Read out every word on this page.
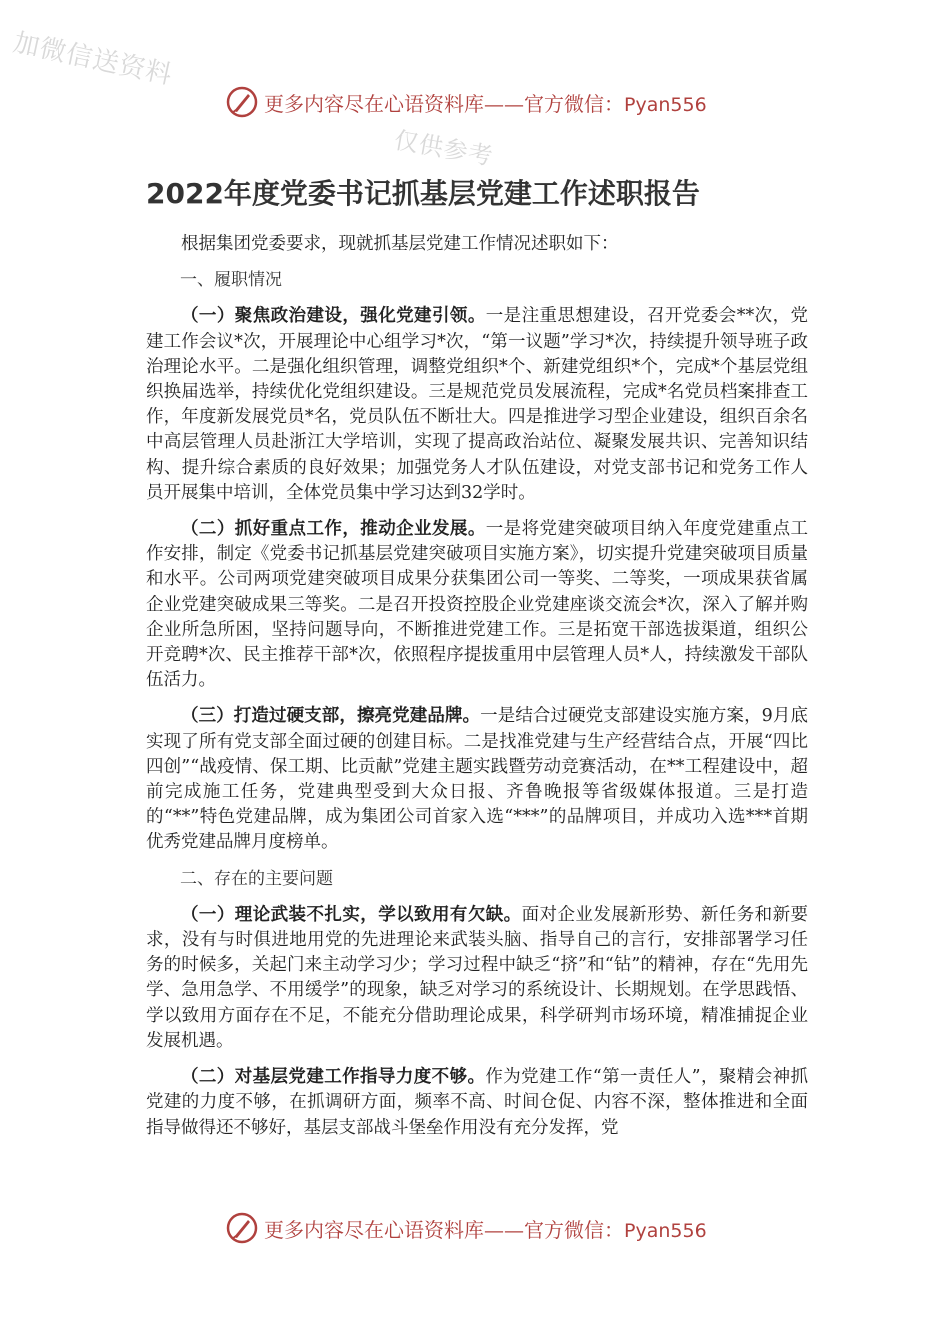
加微信送资料
仅供参考
更多内容尽在心语资料库——官方微信：Pyan556
2022年度党委书记抓基层党建工作述职报告

根据集团党委要求，现就抓基层党建工作情况述职如下：

一、履职情况

（一）聚焦政治建设，强化党建引领。一是注重思想建设，召开党委会**次，党建工作会议*次，开展理论中心组学习*次，“第一议题”学习*次，持续提升领导班子政治理论水平。二是强化组织管理，调整党组织*个、新建党组织*个，完成*个基层党组织换届选举，持续优化党组织建设。三是规范党员发展流程，完成*名党员档案排查工作，年度新发展党员*名，党员队伍不断壮大。四是推进学习型企业建设，组织百余名中高层管理人员赴浙江大学培训，实现了提高政治站位、凝聚发展共识、完善知识结构、提升综合素质的良好效果；加强党务人才队伍建设，对党支部书记和党务工作人员开展集中培训，全体党员集中学习达到32学时。

（二）抓好重点工作，推动企业发展。一是将党建突破项目纳入年度党建重点工作安排，制定《党委书记抓基层党建突破项目实施方案》，切实提升党建突破项目质量和水平。公司两项党建突破项目成果分获集团公司一等奖、二等奖，一项成果获省属企业党建突破成果三等奖。二是召开投资控股企业党建座谈交流会*次，深入了解并购企业所急所困，坚持问题导向，不断推进党建工作。三是拓宽干部选拔渠道，组织公开竞聘*次、民主推荐干部*次，依照程序提拔重用中层管理人员*人，持续激发干部队伍活力。

（三）打造过硬支部，擦亮党建品牌。一是结合过硬党支部建设实施方案，9月底实现了所有党支部全面过硬的创建目标。二是找准党建与生产经营结合点，开展“四比四创”“战疫情、保工期、比贡献”党建主题实践暨劳动竞赛活动，在**工程建设中，超前完成施工任务，党建典型受到大众日报、齐鲁晚报等省级媒体报道。三是打造的“**”特色党建品牌，成为集团公司首家入选“***”的品牌项目，并成功入选***首期优秀党建品牌月度榜单。

二、存在的主要问题

（一）理论武装不扎实，学以致用有欠缺。面对企业发展新形势、新任务和新要求，没有与时俱进地用党的先进理论来武装头脑、指导自己的言行，安排部署学习任务的时候多，关起门来主动学习少；学习过程中缺乏“挤”和“钻”的精神，存在“先用先学、急用急学、不用缓学”的现象，缺乏对学习的系统设计、长期规划。在学思践悟、学以致用方面存在不足，不能充分借助理论成果，科学研判市场环境，精准捕捉企业发展机遇。

（二）对基层党建工作指导力度不够。作为党建工作“第一责任人”，聚精会神抓党建的力度不够，在抓调研方面，频率不高、时间仓促、内容不深，整体推进和全面指导做得还不够好，基层支部战斗堡垒作用没有充分发挥，党

更多内容尽在心语资料库——官方微信：Pyan556
